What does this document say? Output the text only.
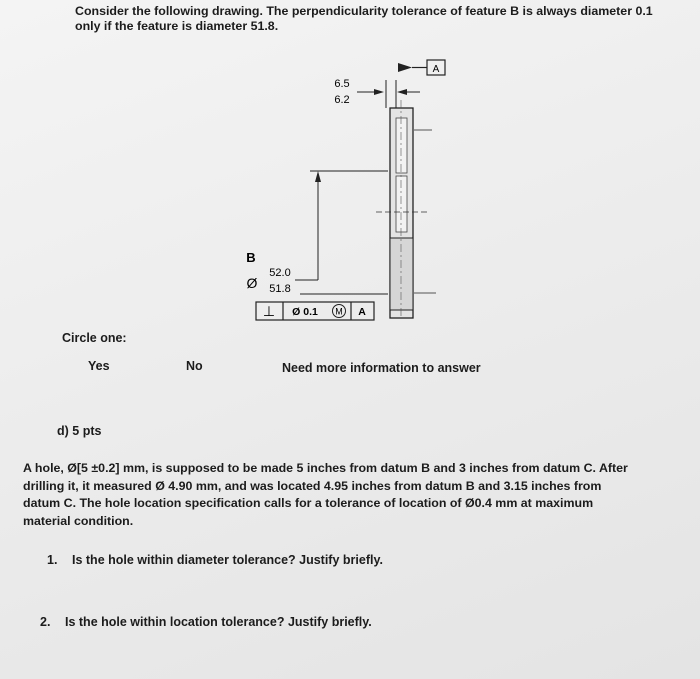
Consider the following drawing. The perpendicularity tolerance of feature B is always diameter 0.1
only if the feature is diameter 51.8.
A
6.5
6.2
B
Ø
52.0
51.8
⊥ Ø 0.1 M A
Circle one:
Yes	No	Need more information to answer
d) 5 pts
A hole, Ø[5 ±0.2] mm, is supposed to be made 5 inches from datum B and 3 inches from datum C. After
drilling it, it measured Ø 4.90 mm, and was located 4.95 inches from datum B and 3.15 inches from
datum C. The hole location specification calls for a tolerance of location of Ø0.4 mm at maximum
material condition.
1. Is the hole within diameter tolerance? Justify briefly.
2. Is the hole within location tolerance? Justify briefly.
